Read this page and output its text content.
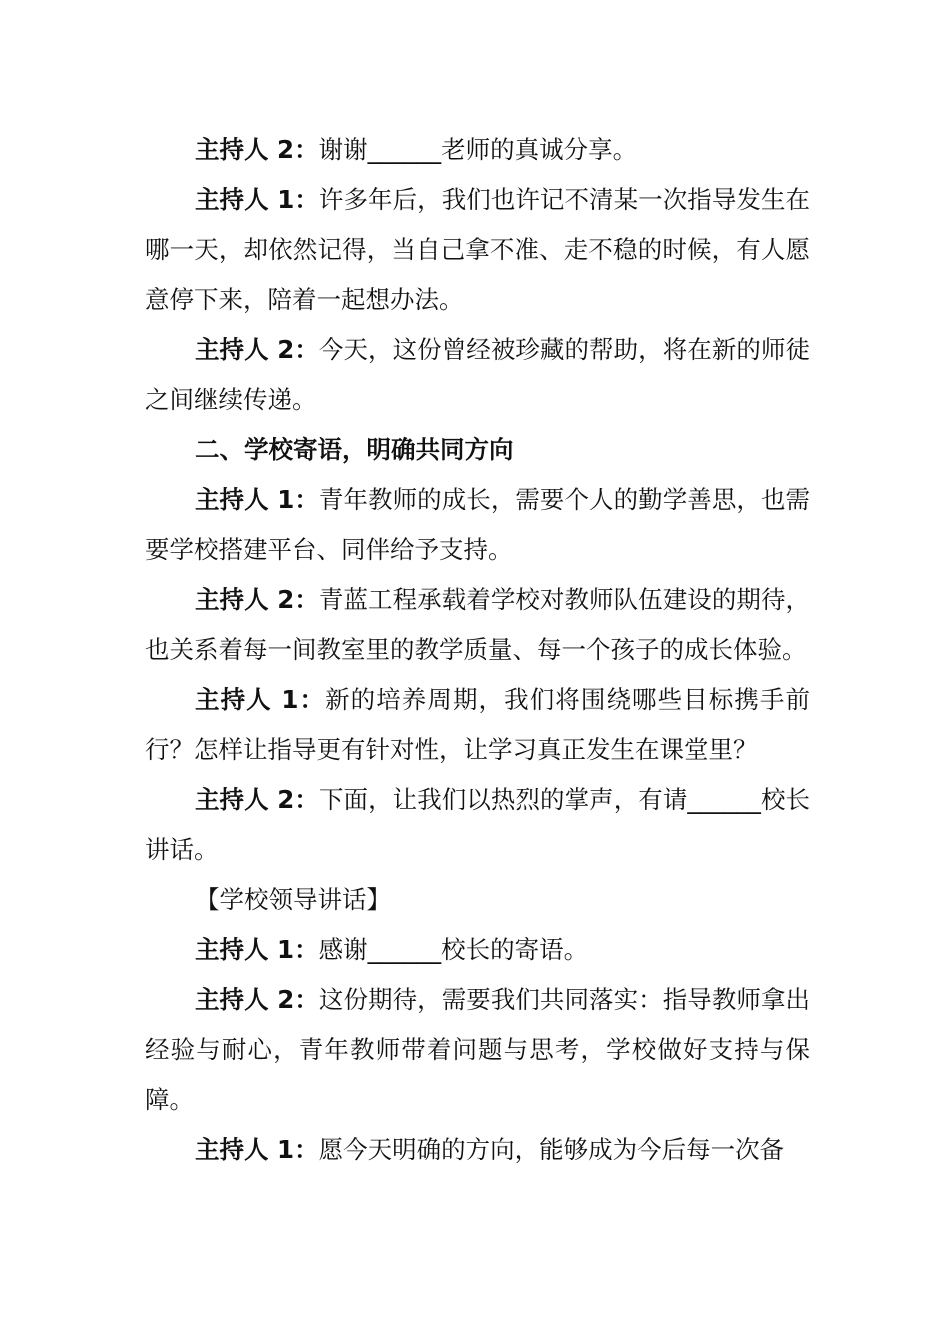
主持人 2：谢谢______老师的真诚分享。

主持人 1：许多年后，我们也许记不清某一次指导发生在哪一天，却依然记得，当自己拿不准、走不稳的时候，有人愿意停下来，陪着一起想办法。

主持人 2：今天，这份曾经被珍藏的帮助，将在新的师徒之间继续传递。

二、学校寄语，明确共同方向

主持人 1：青年教师的成长，需要个人的勤学善思，也需要学校搭建平台、同伴给予支持。

主持人 2：青蓝工程承载着学校对教师队伍建设的期待，也关系着每一间教室里的教学质量、每一个孩子的成长体验。

主持人 1：新的培养周期，我们将围绕哪些目标携手前行？怎样让指导更有针对性，让学习真正发生在课堂里？

主持人 2：下面，让我们以热烈的掌声，有请______校长讲话。

【学校领导讲话】

主持人 1：感谢______校长的寄语。

主持人 2：这份期待，需要我们共同落实：指导教师拿出经验与耐心，青年教师带着问题与思考，学校做好支持与保障。

主持人 1：愿今天明确的方向，能够成为今后每一次备
